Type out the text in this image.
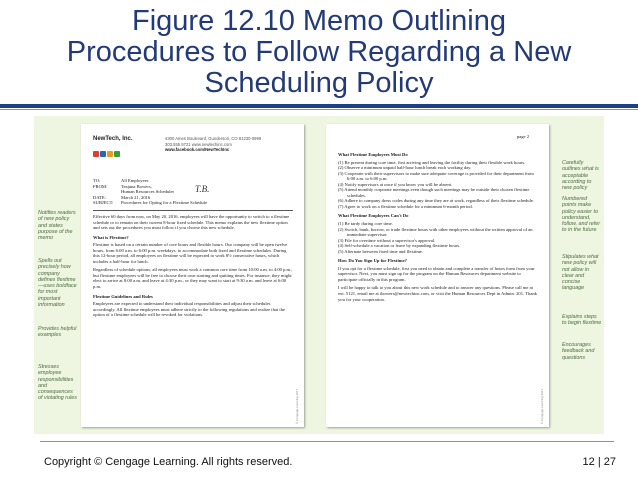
Figure 12.10 Memo Outlining
Procedures to Follow Regarding a New
Scheduling Policy
Notifies readers of new policy and states purpose of the memo
Spells out precisely how company defines flextime—uses boldface for most important information
Provides helpful examples
Stresses employee responsibilities and consequences of violating rules
Carefully outlines what is acceptable according to new policy
Numbered points make policy easier to understand, follow, and refer to in the future
Stipulates what new policy will not allow in clear and concise language
Explains steps to begin flextime
Encourages feedback and questions
NewTech, Inc.	4300 Ames Boulevard, Gunderson, CO 81230-0999
303.555.9721 www.newtechinc.com
www.facebook.com/NewTechInc
TO:	All Employees
FROM:	Teajuna Bowers,	T.B.
Human Resources Scheduler
DATE:	March 21, 2016
SUBJECT:	Procedures for Opting for a Flextime Schedule

Effective 60 days from now, on May 20, 2016, employees will have the opportunity to switch to a flextime schedule or to remain on their current 8-hour fixed schedule. This memo explains the new flextime option and sets out the procedures you must follow if you choose this new schedule.

What is Flextime?

Flextime is based on a certain number of core hours and flexible hours. Our company will be open twelve hours, from 6:00 a.m. to 6:00 p.m. weekdays, to accommodate both fixed and flextime schedules. During this 12-hour period, all employees on flextime will be expected to work 8½ consecutive hours, which includes a half-hour for lunch.

Regardless of schedule options, all employees must work a common core time from 10:00 a.m. to 4:00 p.m., but flextime employees will be free to choose their own starting and quitting times. For instance, they might elect to arrive at 8:00 a.m. and leave at 4:30 p.m., or they may want to start at 9:30 a.m. and leave at 6:00 p.m.

Flextime Guidelines and Rules

Employees are expected to understand their individual responsibilities and adjust their schedules accordingly. All flextime employees must adhere strictly to the following regulations and realize that the option of a flextime schedule will be revoked for violations.

© Cengage Learning 2017
page 2
What Flextime Employees Must Do
(1) Be present during core time, first arriving and leaving the facility during their flexible work hours.
(2) Observe a minimum unpaid half-hour lunch break each working day.
(3) Cooperate with their supervisors to make sure adequate coverage is provided for their department from 6:00 a.m. to 6:00 p.m.
(4) Notify supervisors at once if you know you will be absent.
(5) Attend monthly corporate meetings even though such meetings may be outside their chosen flextime schedules.
(6) Adhere to company dress codes during any time they are at work, regardless of their flextime schedule.
(7) Agree to work on a flextime schedule for a minimum 6-month period.
What Flextime Employees Can't Do
(1) Be tardy during core time.
(2) Switch, bank, borrow, or trade flextime hours with other employees without the written approval of an immediate supervisor.
(3) File for overtime without a supervisor's approval.
(4) Self-schedule a vacation or leave by expanding flextime hours.
(5) Alternate between fixed time and flextime.
How Do You Sign Up for Flextime?

If you opt for a flextime schedule, first you need to obtain and complete a transfer of hours form from your supervisor. Next, you must sign up for the program on the Human Resources department website to participate officially in this program.

I will be happy to talk to you about this new work schedule and to answer any questions. Please call me at ext. 5121, email me at tbowers@newtechinc.com, or visit the Human Resources Dept in Admin. 201. Thank you for your cooperation.

© Cengage Learning 2017
Copyright © Cengage Learning. All rights reserved.	12 | 27
